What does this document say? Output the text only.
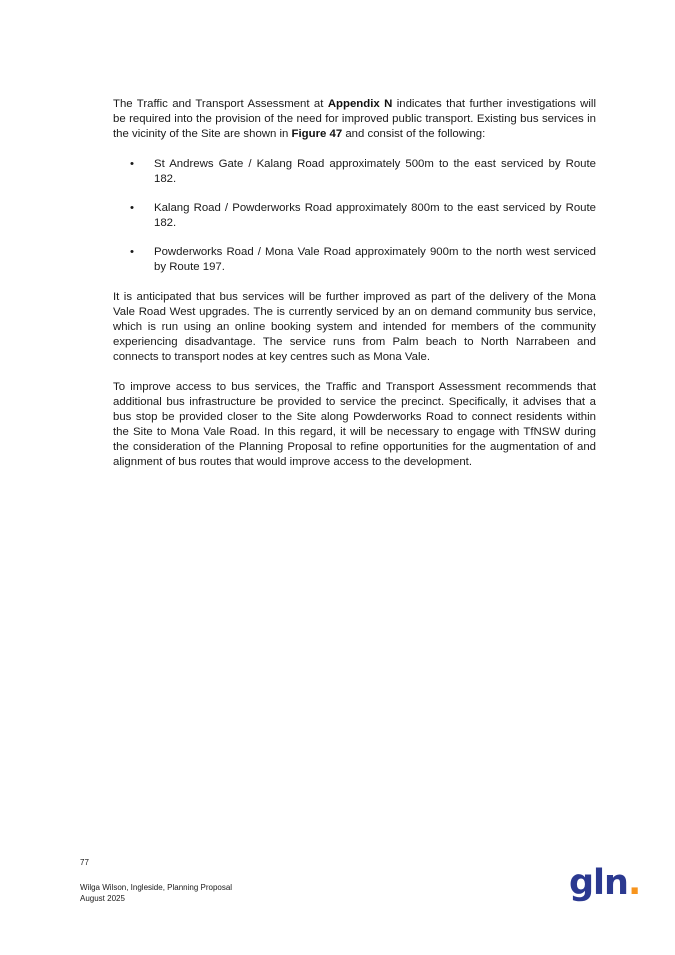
The Traffic and Transport Assessment at Appendix N indicates that further investigations will be required into the provision of the need for improved public transport. Existing bus services in the vicinity of the Site are shown in Figure 47 and consist of the following:

• St Andrews Gate / Kalang Road approximately 500m to the east serviced by Route 182.
• Kalang Road / Powderworks Road approximately 800m to the east serviced by Route 182.
• Powderworks Road / Mona Vale Road approximately 900m to the north west serviced by Route 197.

It is anticipated that bus services will be further improved as part of the delivery of the Mona Vale Road West upgrades. The is currently serviced by an on demand community bus service, which is run using an online booking system and intended for members of the community experiencing disadvantage. The service runs from Palm beach to North Narrabeen and connects to transport nodes at key centres such as Mona Vale.

To improve access to bus services, the Traffic and Transport Assessment recommends that additional bus infrastructure be provided to service the precinct. Specifically, it advises that a bus stop be provided closer to the Site along Powderworks Road to connect residents within the Site to Mona Vale Road. In this regard, it will be necessary to engage with TfNSW during the consideration of the Planning Proposal to refine opportunities for the augmentation of and alignment of bus routes that would improve access to the development.

77
Wilga Wilson, Ingleside, Planning Proposal
August 2025	gln.
